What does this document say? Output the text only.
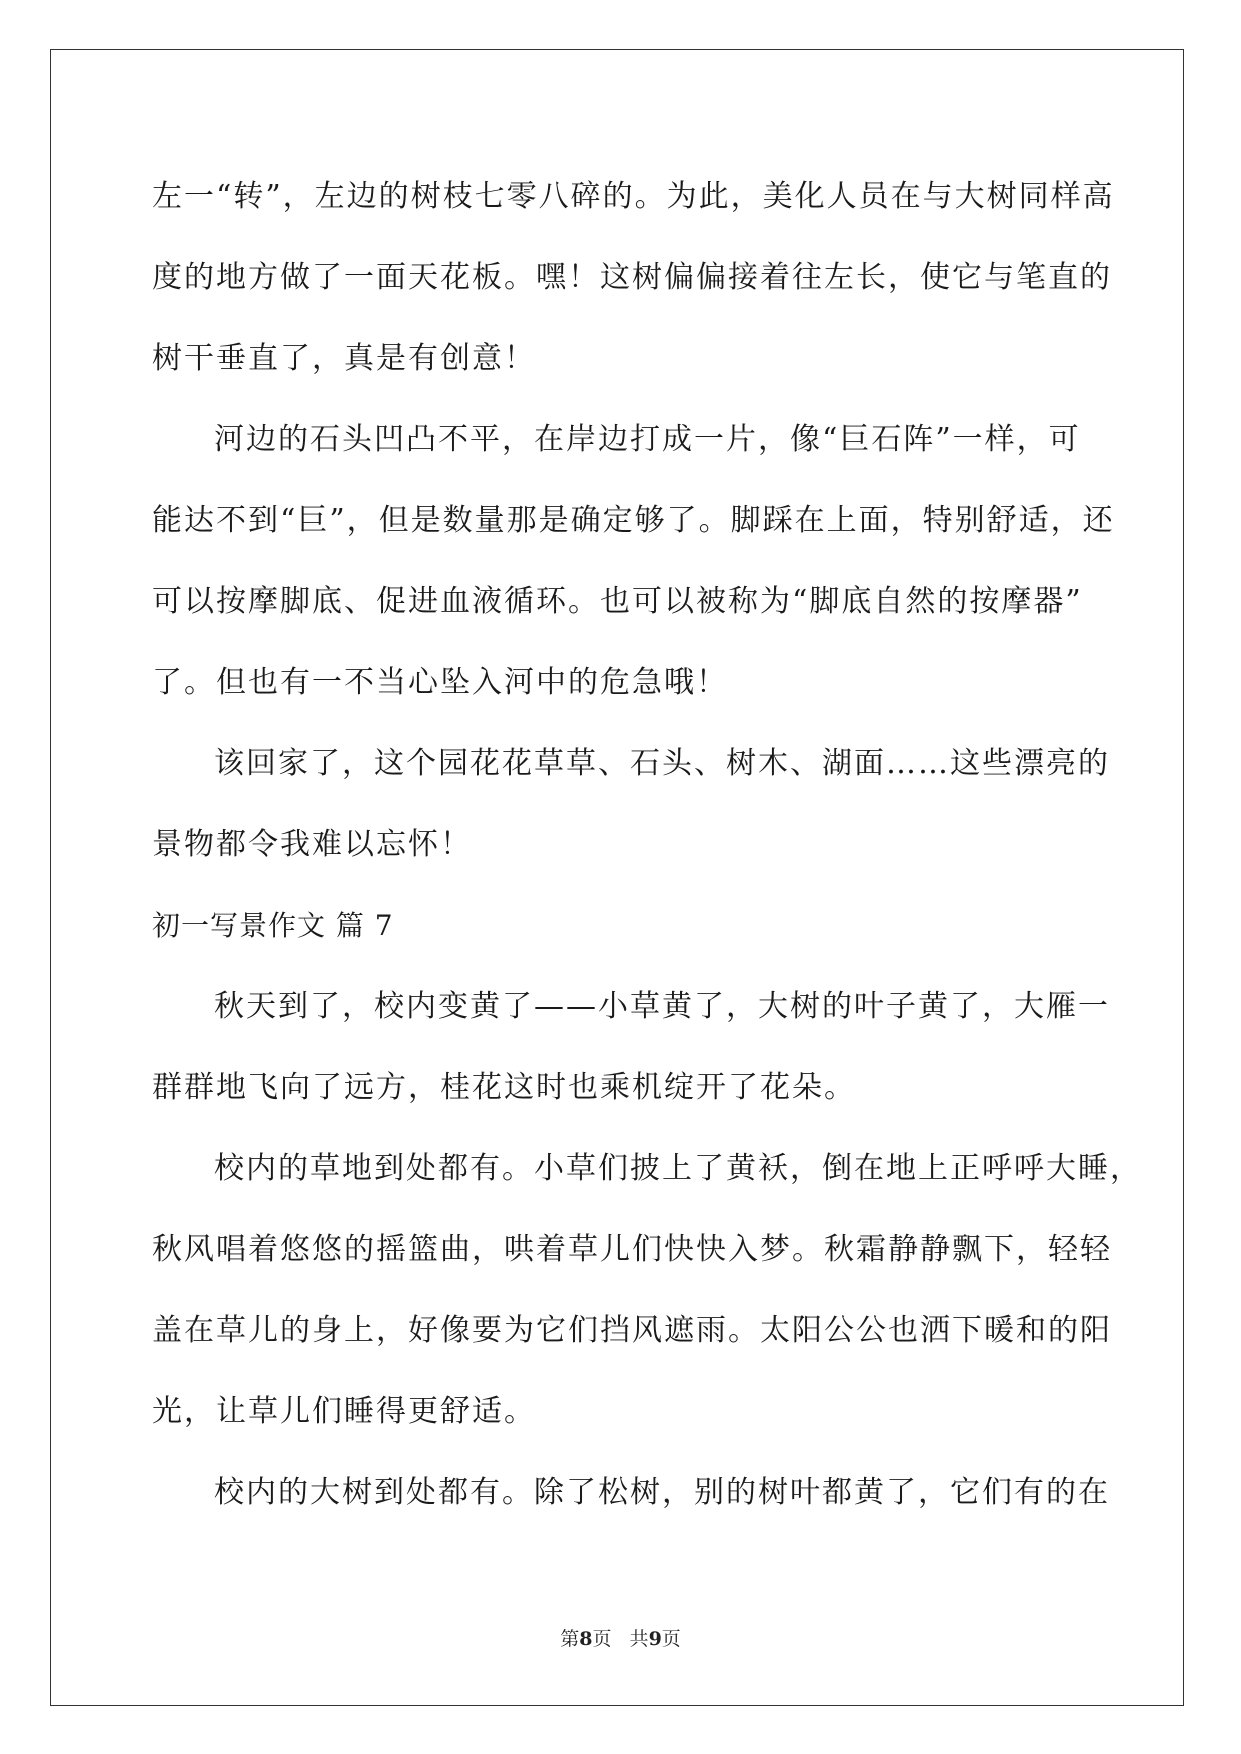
左一“转”，左边的树枝七零八碎的。为此，美化人员在与大树同样高
度的地方做了一面天花板。嘿！这树偏偏接着往左长，使它与笔直的
树干垂直了，真是有创意！
河边的石头凹凸不平，在岸边打成一片，像“巨石阵”一样，可
能达不到“巨”，但是数量那是确定够了。脚踩在上面，特别舒适，还
可以按摩脚底、促进血液循环。也可以被称为“脚底自然的按摩器”
了。但也有一不当心坠入河中的危急哦！
该回家了，这个园花花草草、石头、树木、湖面……这些漂亮的
景物都令我难以忘怀！
初一写景作文 篇 7
秋天到了，校内变黄了——小草黄了，大树的叶子黄了，大雁一
群群地飞向了远方，桂花这时也乘机绽开了花朵。
校内的草地到处都有。小草们披上了黄袄，倒在地上正呼呼大睡，
秋风唱着悠悠的摇篮曲，哄着草儿们快快入梦。秋霜静静飘下，轻轻
盖在草儿的身上，好像要为它们挡风遮雨。太阳公公也洒下暖和的阳
光，让草儿们睡得更舒适。
校内的大树到处都有。除了松树，别的树叶都黄了，它们有的在
第8页   共9页
